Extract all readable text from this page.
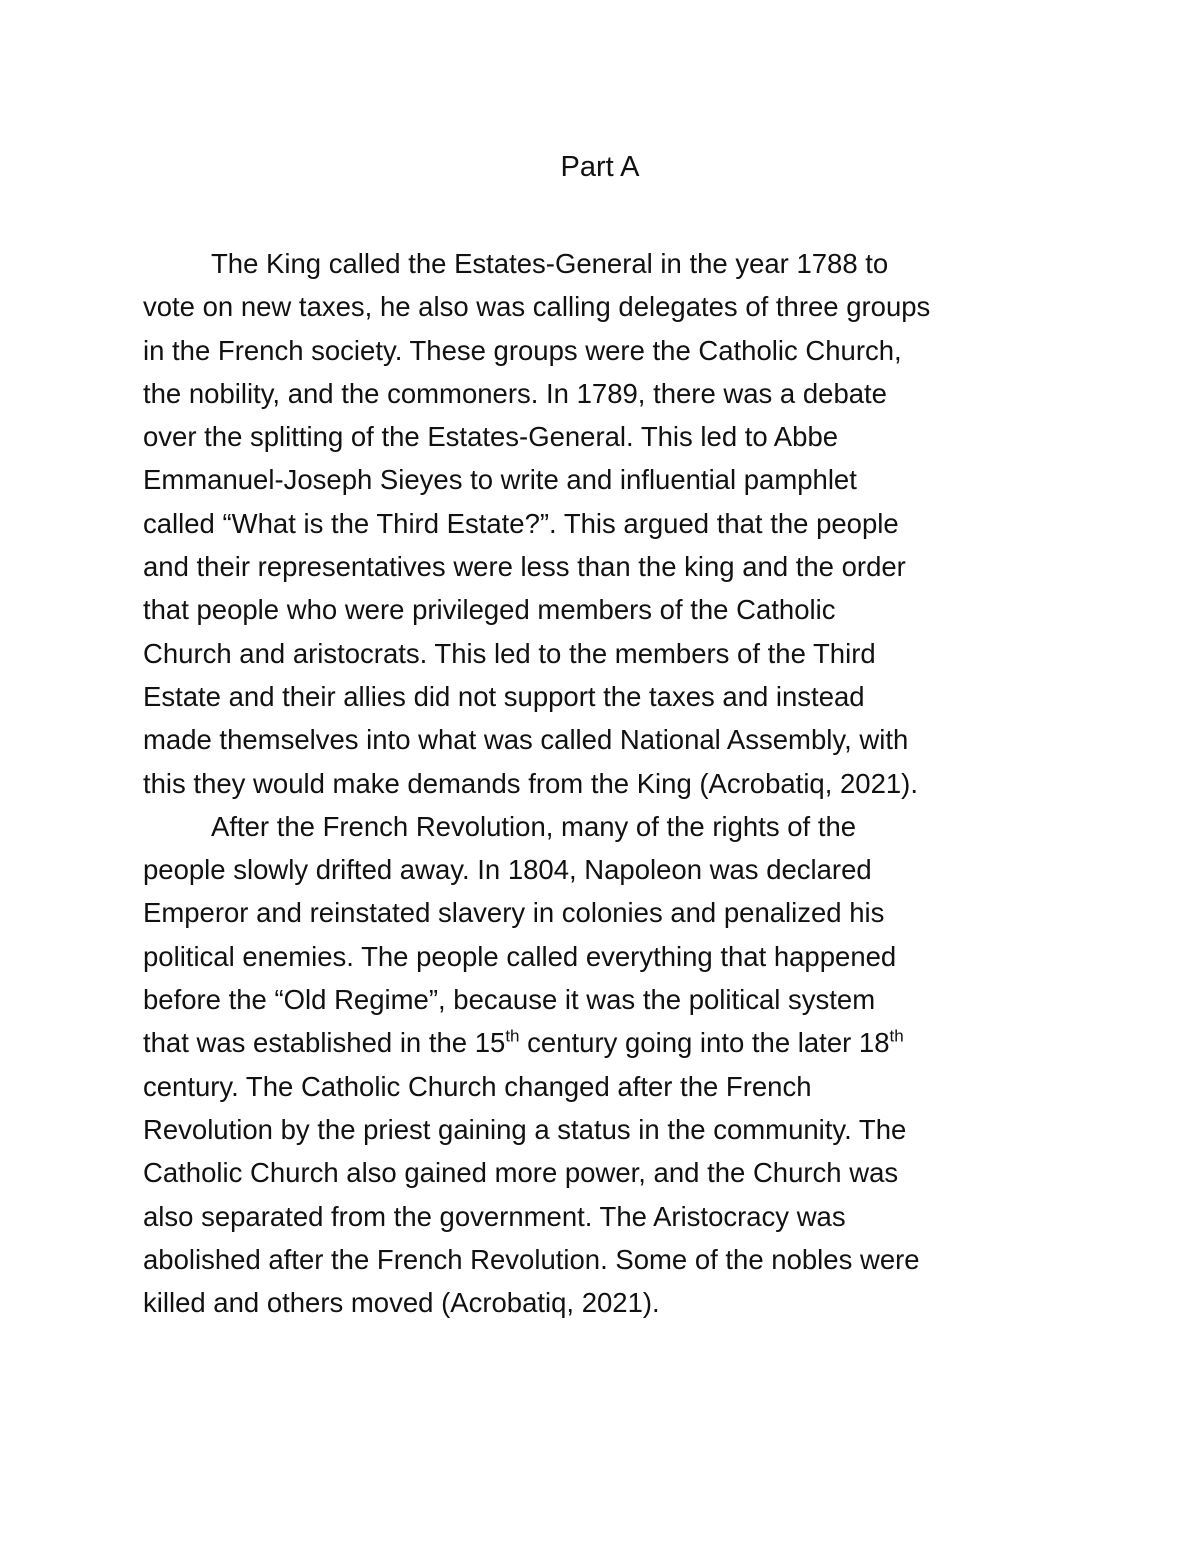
Part A

The King called the Estates-General in the year 1788 to
vote on new taxes, he also was calling delegates of three groups
in the French society. These groups were the Catholic Church,
the nobility, and the commoners. In 1789, there was a debate
over the splitting of the Estates-General. This led to Abbe
Emmanuel-Joseph Sieyes to write and influential pamphlet
called “What is the Third Estate?”. This argued that the people
and their representatives were less than the king and the order
that people who were privileged members of the Catholic
Church and aristocrats. This led to the members of the Third
Estate and their allies did not support the taxes and instead
made themselves into what was called National Assembly, with
this they would make demands from the King (Acrobatiq, 2021).

After the French Revolution, many of the rights of the
people slowly drifted away. In 1804, Napoleon was declared
Emperor and reinstated slavery in colonies and penalized his
political enemies. The people called everything that happened
before the “Old Regime”, because it was the political system
that was established in the 15th century going into the later 18th
century. The Catholic Church changed after the French
Revolution by the priest gaining a status in the community. The
Catholic Church also gained more power, and the Church was
also separated from the government. The Aristocracy was
abolished after the French Revolution. Some of the nobles were
killed and others moved (Acrobatiq, 2021).
